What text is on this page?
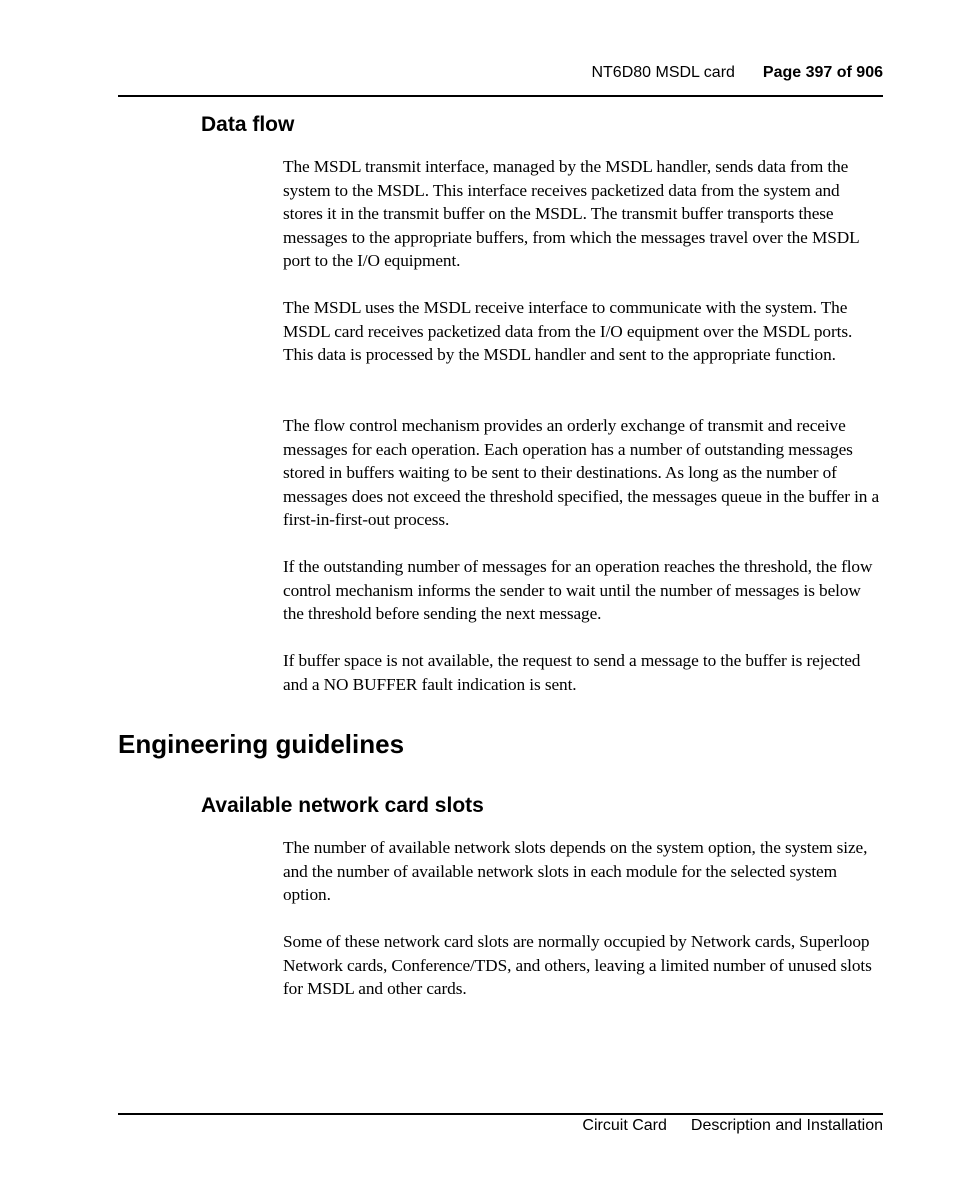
NT6D80 MSDL card Page 397 of 906
Data flow

The MSDL transmit interface, managed by the MSDL handler, sends data from the system to the MSDL. This interface receives packetized data from the system and stores it in the transmit buffer on the MSDL. The transmit buffer transports these messages to the appropriate buffers, from which the messages travel over the MSDL port to the I/O equipment.

The MSDL uses the MSDL receive interface to communicate with the system. The MSDL card receives packetized data from the I/O equipment over the MSDL ports. This data is processed by the MSDL handler and sent to the appropriate function.

The flow control mechanism provides an orderly exchange of transmit and receive messages for each operation. Each operation has a number of outstanding messages stored in buffers waiting to be sent to their destinations. As long as the number of messages does not exceed the threshold specified, the messages queue in the buffer in a first-in-first-out process.

If the outstanding number of messages for an operation reaches the threshold, the flow control mechanism informs the sender to wait until the number of messages is below the threshold before sending the next message.

If buffer space is not available, the request to send a message to the buffer is rejected and a NO BUFFER fault indication is sent.

Engineering guidelines
Available network card slots

The number of available network slots depends on the system option, the system size, and the number of available network slots in each module for the selected system option.

Some of these network card slots are normally occupied by Network cards, Superloop Network cards, Conference/TDS, and others, leaving a limited number of unused slots for MSDL and other cards.

Circuit Card Description and Installation
